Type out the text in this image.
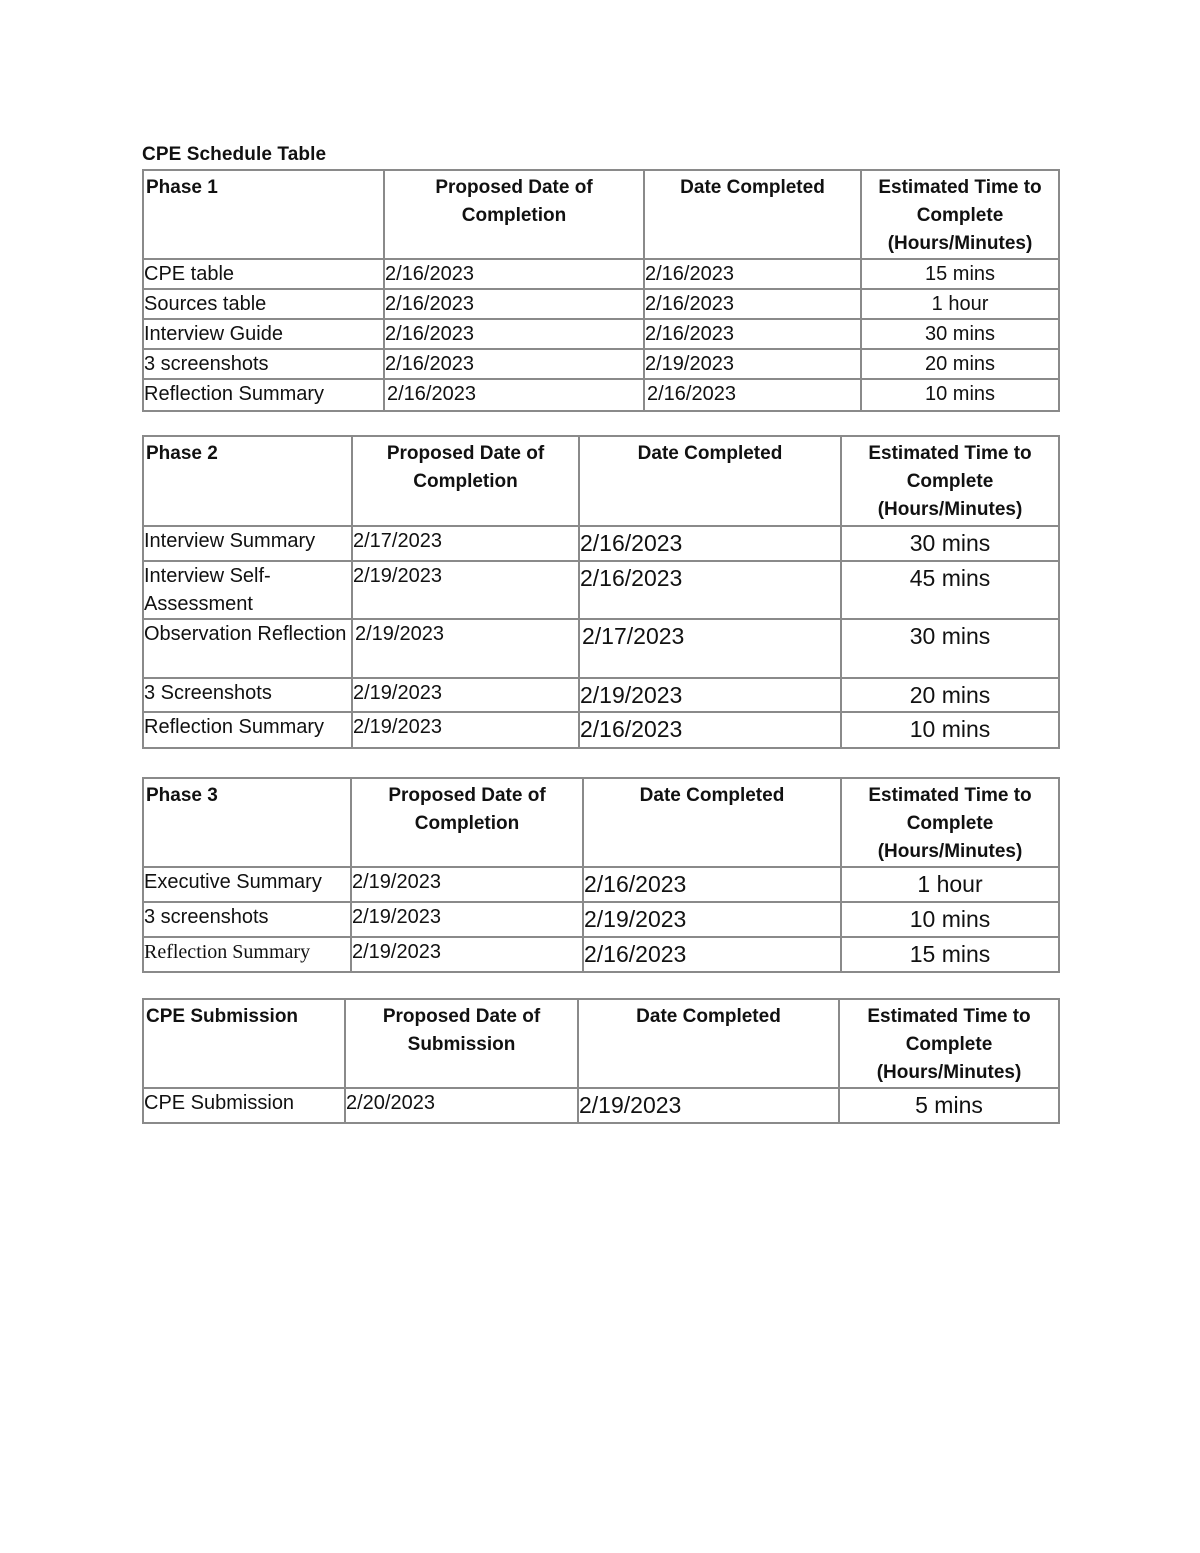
CPE Schedule Table
Phase 1	Proposed Date of Completion	Date Completed	Estimated Time to Complete (Hours/Minutes)
CPE table	2/16/2023	2/16/2023	15 mins
Sources table	2/16/2023	2/16/2023	1 hour
Interview Guide	2/16/2023	2/16/2023	30 mins
3 screenshots	2/16/2023	2/19/2023	20 mins
Reflection Summary	2/16/2023	2/16/2023	10 mins
Phase 2	Proposed Date of Completion	Date Completed	Estimated Time to Complete (Hours/Minutes)
Interview Summary	2/17/2023	2/16/2023	30 mins
Interview Self-Assessment	2/19/2023	2/16/2023	45 mins
Observation Reflection	2/19/2023	2/17/2023	30 mins
3 Screenshots	2/19/2023	2/19/2023	20 mins
Reflection Summary	2/19/2023	2/16/2023	10 mins
Phase 3	Proposed Date of Completion	Date Completed	Estimated Time to Complete (Hours/Minutes)
Executive Summary	2/19/2023	2/16/2023	1 hour
3 screenshots	2/19/2023	2/19/2023	10 mins
Reflection Summary	2/19/2023	2/16/2023	15 mins
CPE Submission	Proposed Date of Submission	Date Completed	Estimated Time to Complete (Hours/Minutes)
CPE Submission	2/20/2023	2/19/2023	5 mins
